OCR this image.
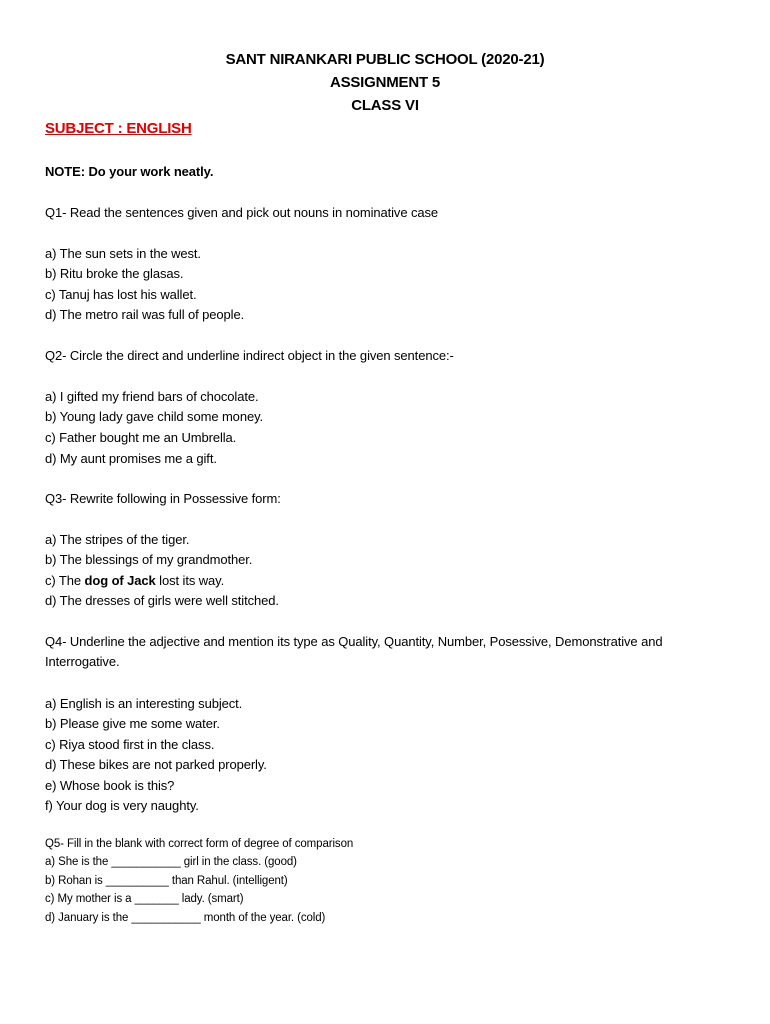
SANT NIRANKARI PUBLIC SCHOOL (2020-21)
ASSIGNMENT 5
CLASS VI
SUBJECT : ENGLISH
NOTE: Do your work neatly.
Q1- Read the sentences given and pick out nouns in nominative case
a) The sun sets in the west.
b) Ritu broke the glasas.
c) Tanuj has lost his wallet.
d) The metro rail was full of people.
Q2- Circle the direct and underline indirect object in the given sentence:-
a) I gifted my friend bars of chocolate.
b) Young lady gave child some money.
c) Father bought me an Umbrella.
d) My aunt promises me a gift.
Q3- Rewrite following in Possessive form:
a) The stripes of the tiger.
b) The blessings of my grandmother.
c) The dog of Jack lost its way.
d) The dresses of girls were well stitched.
Q4- Underline the adjective and mention its type as Quality, Quantity, Number, Posessive, Demonstrative and Interrogative.
a) English is an interesting subject.
b) Please give me some water.
c) Riya stood first in the class.
d) These bikes are not parked properly.
e) Whose book is this?
f) Your dog is very naughty.
Q5- Fill in the blank with correct form of degree of comparison
a) She is the ___________ girl in the class. (good)
b) Rohan is __________ than Rahul. (intelligent)
c) My mother is a _______ lady. (smart)
d) January is the ___________ month of the year. (cold)
